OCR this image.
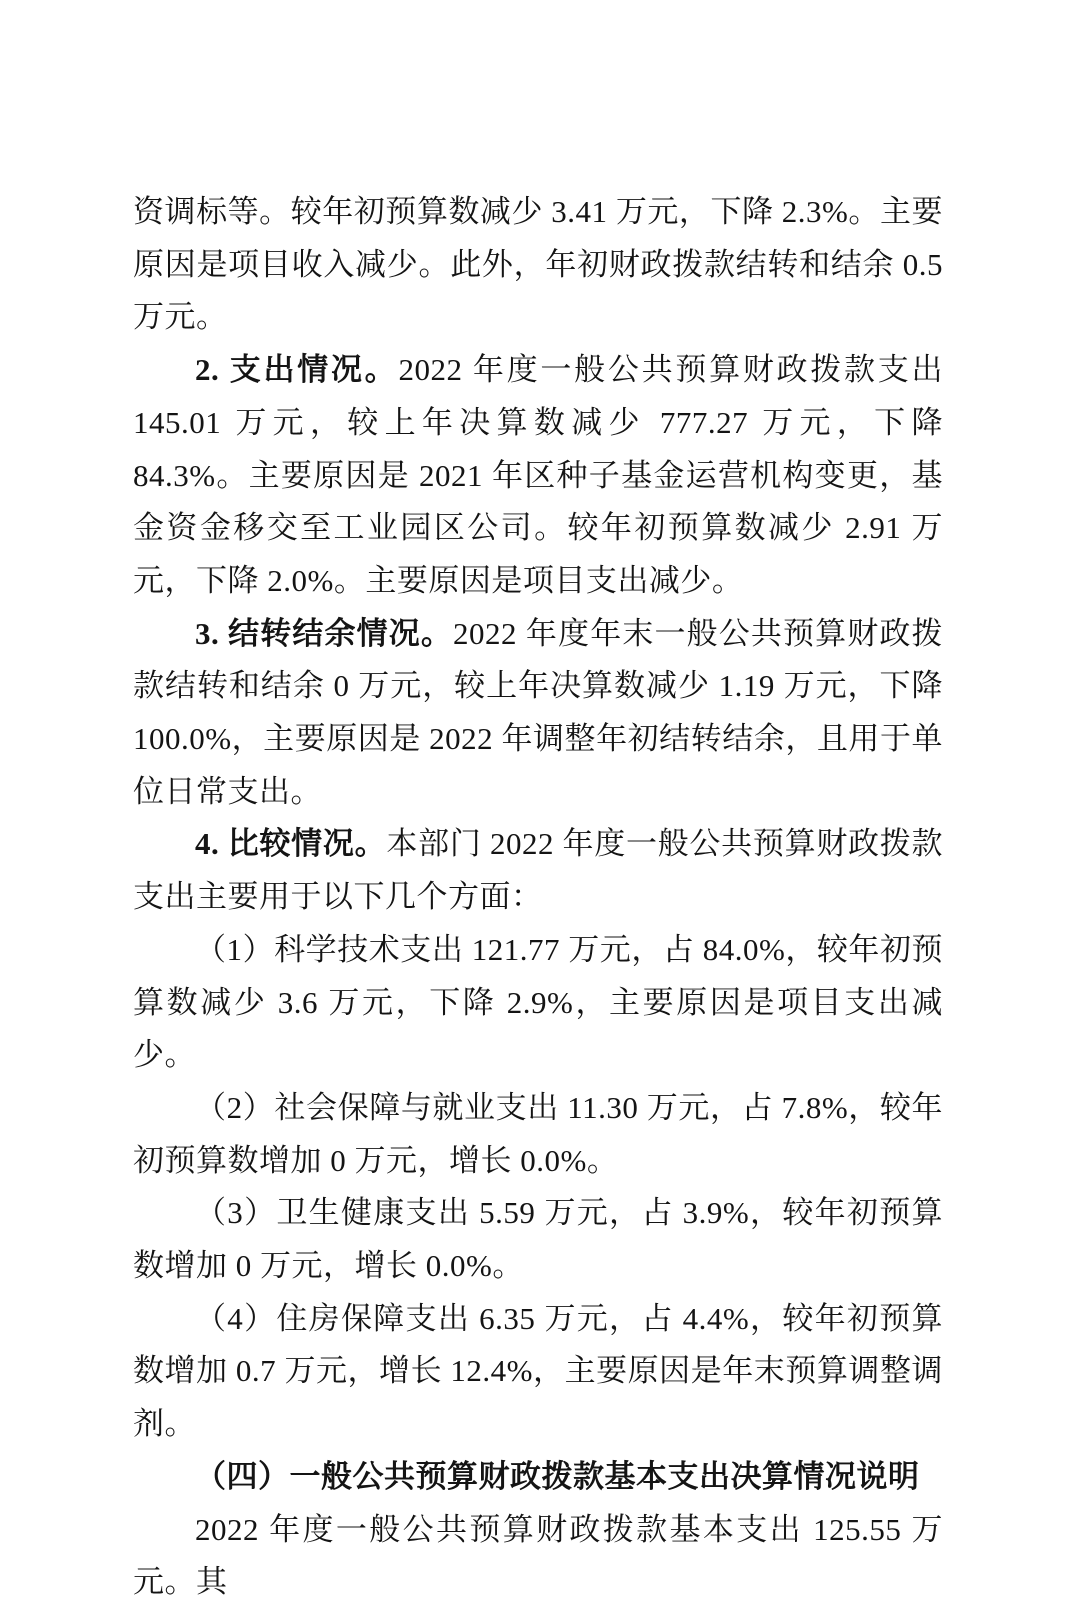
资调标等。较年初预算数减少 3.41 万元，下降 2.3%。主要原因是项目收入减少。此外，年初财政拨款结转和结余 0.5 万元。

2. 支出情况。2022 年度一般公共预算财政拨款支出 145.01 万元，较上年决算数减少 777.27 万元，下降 84.3%。主要原因是 2021 年区种子基金运营机构变更，基金资金移交至工业园区公司。较年初预算数减少 2.91 万元，下降 2.0%。主要原因是项目支出减少。

3. 结转结余情况。2022 年度年末一般公共预算财政拨款结转和结余 0 万元，较上年决算数减少 1.19 万元，下降 100.0%，主要原因是 2022 年调整年初结转结余，且用于单位日常支出。

4. 比较情况。本部门 2022 年度一般公共预算财政拨款支出主要用于以下几个方面：

（1）科学技术支出 121.77 万元，占 84.0%，较年初预算数减少 3.6 万元，下降 2.9%，主要原因是项目支出减少。

（2）社会保障与就业支出 11.30 万元，占 7.8%，较年初预算数增加 0 万元，增长 0.0%。

（3）卫生健康支出 5.59 万元，占 3.9%，较年初预算数增加 0 万元，增长 0.0%。

（4）住房保障支出 6.35 万元，占 4.4%，较年初预算数增加 0.7 万元，增长 12.4%，主要原因是年末预算调整调剂。

（四）一般公共预算财政拨款基本支出决算情况说明

2022 年度一般公共预算财政拨款基本支出 125.55 万元。其
